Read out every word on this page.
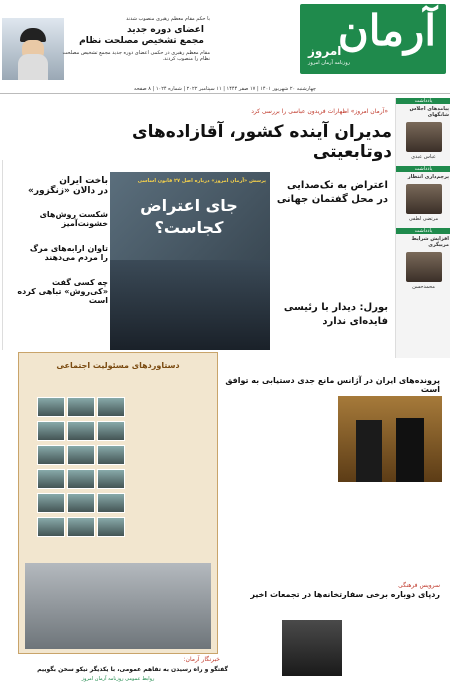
با حکم مقام معظم رهبری منصوب شدند
اعضای دوره جدید
مجمع تشخیص مصلحت نظام
مقام معظم رهبری در حکمی اعضای دوره جدید مجمع تشخیص مصلحت نظام را منصوب کردند.
آرمان
امروز
روزنامه آرمان امروز
چهارشنبه ۲۰ شهریور ۱۴۰۱ | ۱۷ صفر ۱۴۴۴ | ۱۱ سپتامبر ۲۰۲۲ | شماره ۱۰۲۴ | ۸ صفحه
«آرمان امروز» اظهارات فریدون عباسی را بررسی کرد
مدیران آینده کشور، آقازاده‌های دوتابعیتی
یادداشت
پیامدهای اجلاس شانگهای
عباس عبدی
یادداشت
پرچم‌داری انتظار
مرتضی لطفی
یادداشت
افزایش شرایط مربیگری
محمدحسن
باخت ایران
در دالان «زنگزور»
شکست روش‌های
خشونت‌آمیز
تاوان ارابه‌های مرگ
را مردم می‌دهند
چه کسی گفت
«کی‌روش» تباهی کرده است
پرسش «آرمان امروز» درباره اصل ۲۷ قانون اساسی
جای اعتراض
کجاست؟
اعتراض به تک‌صدایی
در محل گفتمان جهانی
بورل: دیدار با رئیسی
فایده‌ای ندارد
پرونده‌های ایران در آژانس مانع جدی دستیابی به توافق است
دستاوردهای مسئولیت اجتماعی
سرویس فرهنگی
ردپای دوباره برخی سفارتخانه‌ها در تجمعات اخیر
خبرنگار آرمان:
گفتگو و راه رسیدن به تفاهم عمومی، با یکدیگر نیکو سخن بگوییم
روابط عمومی روزنامه آرمان امروز
